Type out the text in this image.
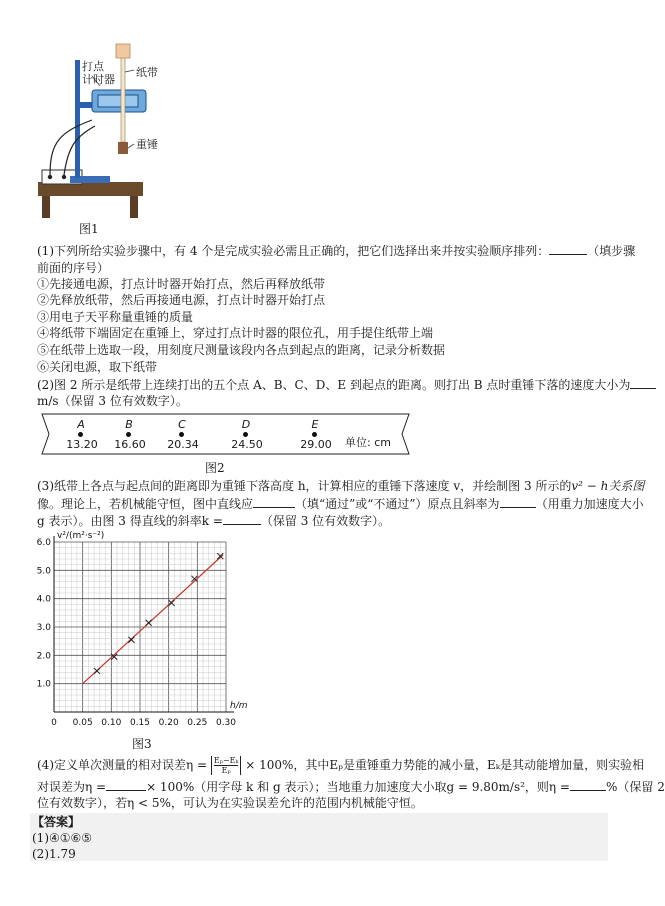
打点
计时器
纸带
重锤
图1
(1)下列所给实验步骤中，有 4 个是完成实验必需且正确的，把它们选择出来并按实验顺序排列：	（填步骤
前面的序号）
①先接通电源，打点计时器开始打点，然后再释放纸带
②先释放纸带，然后再接通电源，打点计时器开始打点
③用电子天平称量重锤的质量
④将纸带下端固定在重锤上，穿过打点计时器的限位孔，用手提住纸带上端
⑤在纸带上选取一段，用刻度尺测量该段内各点到起点的距离，记录分析数据
⑥关闭电源，取下纸带
(2)图 2 所示是纸带上连续打出的五个点 A、B、C、D、E 到起点的距离。则打出 B 点时重锤下落的速度大小为
m/s（保留 3 位有效数字）。
A
13.20
B
16.60
C
20.34
D
24.50
E
29.00 单位: cm
图2
(3)纸带上各点与起点间的距离即为重锤下落高度 h，计算相应的重锤下落速度 v，并绘制图 3 所示的v² − h关系图
像。理论上，若机械能守恒，图中直线应	（填“通过”或“不通过”）原点且斜率为	（用重力加速度大小
g 表示）。由图 3 得直线的斜率k =	（保留 3 位有效数字）。
0 0.05 0.10 0.15 0.20 0.25 0.30
1.0
2.0
3.0
4.0
5.0
6.0
h/m
v²/(m²·s⁻²)
图3
(4)定义单次测量的相对误差$\eta = \frac{\text{Eₚ−Eₖ}}{\text{Eₚ}} \times 100\%$，其中Eₚ是重锤重力势能的减小量，Eₖ是其动能增加量，则实验相
对误差为η =	× 100%（用字母 k 和 g 表示）；当地重力加速度大小取g = 9.80m/s²，则η =	%（保留 2
位有效数字），若η < 5%，可认为在实验误差允许的范围内机械能守恒。
【答案】
(1)④①⑥⑤
(2)1.79
